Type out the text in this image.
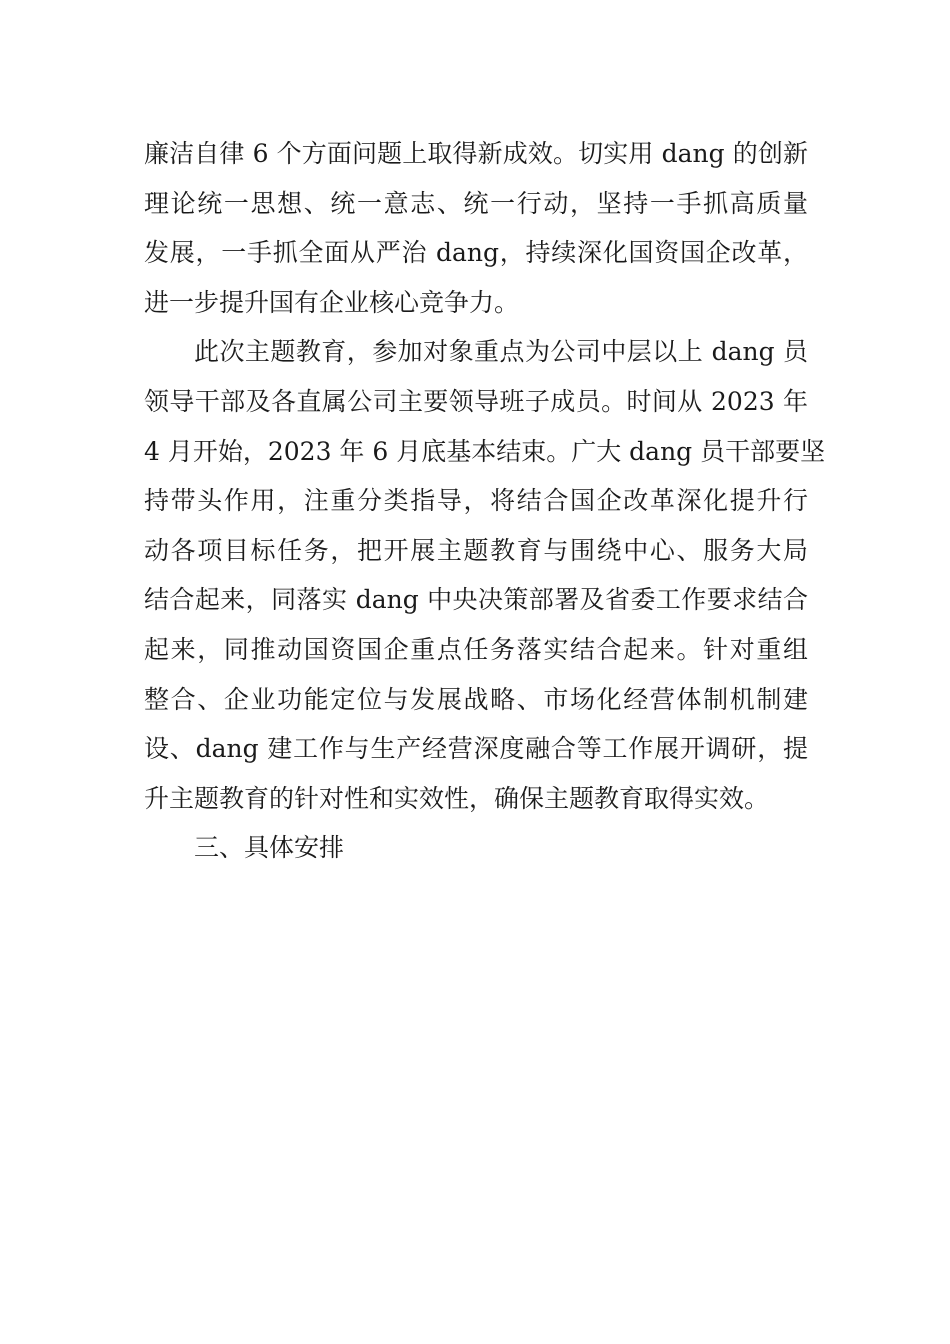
廉洁自律 6 个方面问题上取得新成效。切实用 dang 的创新
理论统一思想、统一意志、统一行动，坚持一手抓高质量
发展，一手抓全面从严治 dang，持续深化国资国企改革，
进一步提升国有企业核心竞争力。
此次主题教育，参加对象重点为公司中层以上 dang 员
领导干部及各直属公司主要领导班子成员。时间从 2023 年
4 月开始，2023 年 6 月底基本结束。广大 dang 员干部要坚
持带头作用，注重分类指导，将结合国企改革深化提升行
动各项目标任务，把开展主题教育与围绕中心、服务大局
结合起来，同落实 dang 中央决策部署及省委工作要求结合
起来，同推动国资国企重点任务落实结合起来。针对重组
整合、企业功能定位与发展战略、市场化经营体制机制建
设、dang 建工作与生产经营深度融合等工作展开调研，提
升主题教育的针对性和实效性，确保主题教育取得实效。
三、具体安排
